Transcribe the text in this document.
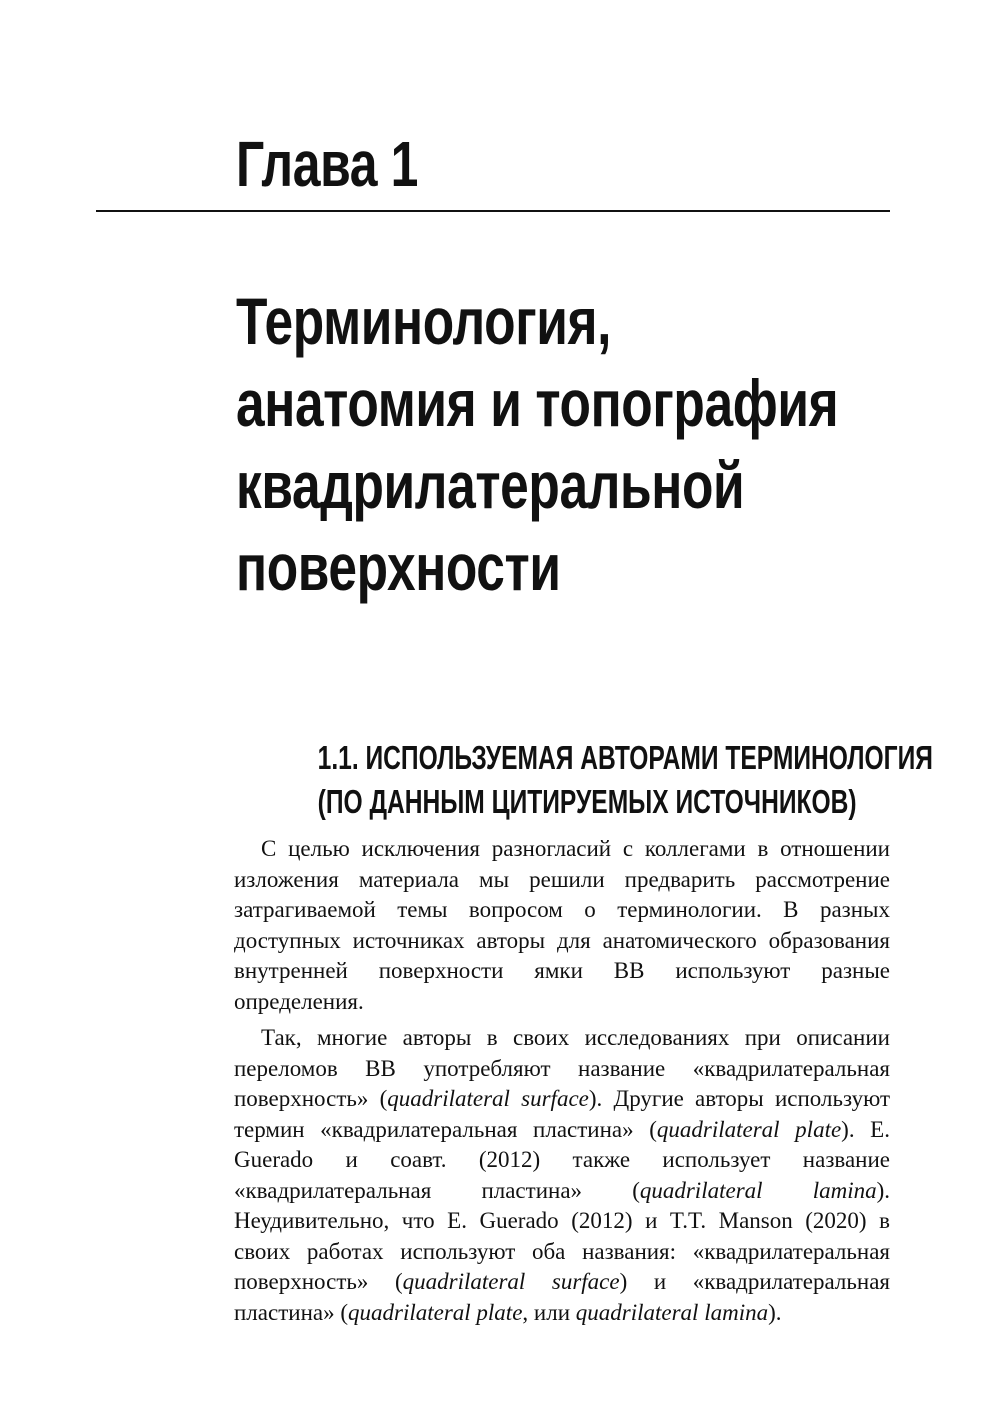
Глава 1
Терминология,
анатомия и топография
квадрилатеральной
поверхности
1.1. ИСПОЛЬЗУЕМАЯ АВТОРАМИ ТЕРМИНОЛОГИЯ
(ПО ДАННЫМ ЦИТИРУЕМЫХ ИСТОЧНИКОВ)

С целью исключения разногласий с коллегами в отношении изложения материала мы решили предварить рассмотрение затрагиваемой темы вопросом о терминологии. В разных доступных источниках авторы для анатомического образования внутренней поверхности ямки ВВ используют разные определения.

Так, многие авторы в своих исследованиях при описании переломов ВВ употребляют название «квадрилатеральная поверхность» (quadrilateral surface). Другие авторы используют термин «квадрилатеральная пластина» (quadrilateral plate). E. Guerado и соавт. (2012) также использует название «квадрилатеральная пластина» (quadrilateral lamina). Неудивительно, что E. Guerado (2012) и T.T. Manson (2020) в своих работах используют оба названия: «квадрилатеральная поверхность» (quadrilateral surface) и «квадрилатеральная пластина» (quadrilateral plate, или quadrilateral lamina).
